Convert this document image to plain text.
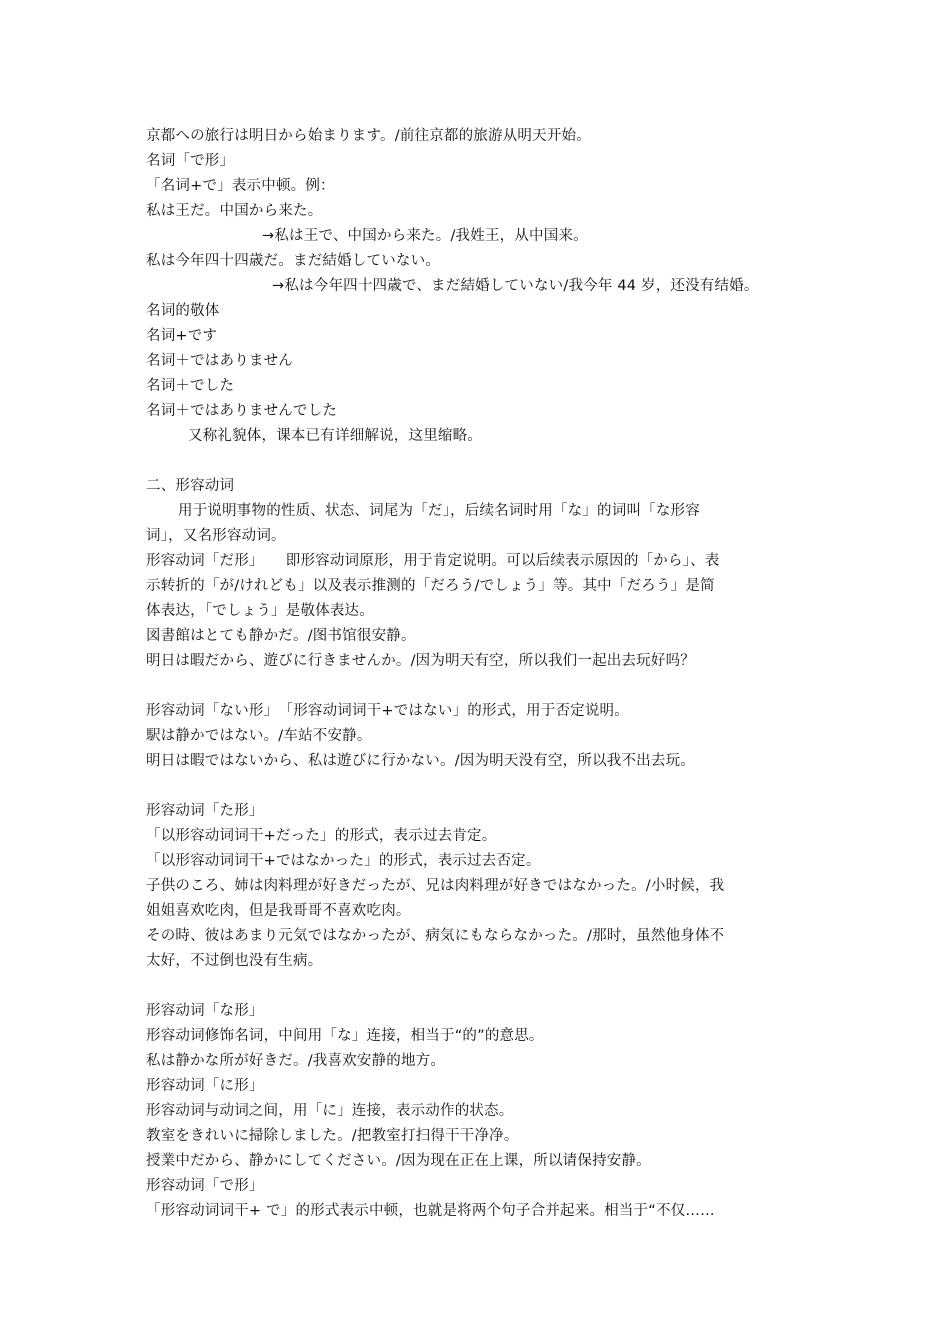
京都への旅行は明日から始まります。/前往京都的旅游从明天开始。
名词「で形」
「名词+で」表示中顿。例：
私は王だ。中国から来た。
→私は王で、中国から来た。/我姓王，从中国来。
私は今年四十四歳だ。まだ結婚していない。
→私は今年四十四歳で、まだ結婚していない/我今年 44 岁，还没有结婚。
名词的敬体
名词+です
名词＋ではありません
名词＋でした
名词＋ではありませんでした
又称礼貌体，课本已有详细解说，这里缩略。
二、形容动词
用于说明事物的性质、状态、词尾为「だ」，后续名词时用「な」的词叫「な形容
词」，又名形容动词。
形容动词「だ形」　　即形容动词原形，用于肯定说明。可以后续表示原因的「から」、表
示转折的「が/けれども」以及表示推测的「だろう/でしょう」等。其中「だろう」是简
体表达，「でしょう」是敬体表达。
図書館はとても静かだ。/图书馆很安静。
明日は暇だから、遊びに行きませんか。/因为明天有空，所以我们一起出去玩好吗？
形容动词「ない形」　「形容动词词干+ではない」的形式，用于否定说明。
駅は静かではない。/车站不安静。
明日は暇ではないから、私は遊びに行かない。/因为明天没有空，所以我不出去玩。
形容动词「た形」
「以形容动词词干+だった」的形式，表示过去肯定。
「以形容动词词干+ではなかった」的形式，表示过去否定。
子供のころ、姉は肉料理が好きだったが、兄は肉料理が好きではなかった。/小时候，我
姐姐喜欢吃肉，但是我哥哥不喜欢吃肉。
その時、彼はあまり元気ではなかったが、病気にもならなかった。/那时，虽然他身体不
太好，不过倒也没有生病。
形容动词「な形」
形容动词修饰名词，中间用「な」连接，相当于“的”的意思。
私は静かな所が好きだ。/我喜欢安静的地方。
形容动词「に形」
形容动词与动词之间，用「に」连接，表示动作的状态。
教室をきれいに掃除しました。/把教室打扫得干干净净。
授業中だから、静かにしてください。/因为现在正在上课，所以请保持安静。
形容动词「で形」
「形容动词词干+ で」的形式表示中顿，也就是将两个句子合并起来。相当于“不仅……
